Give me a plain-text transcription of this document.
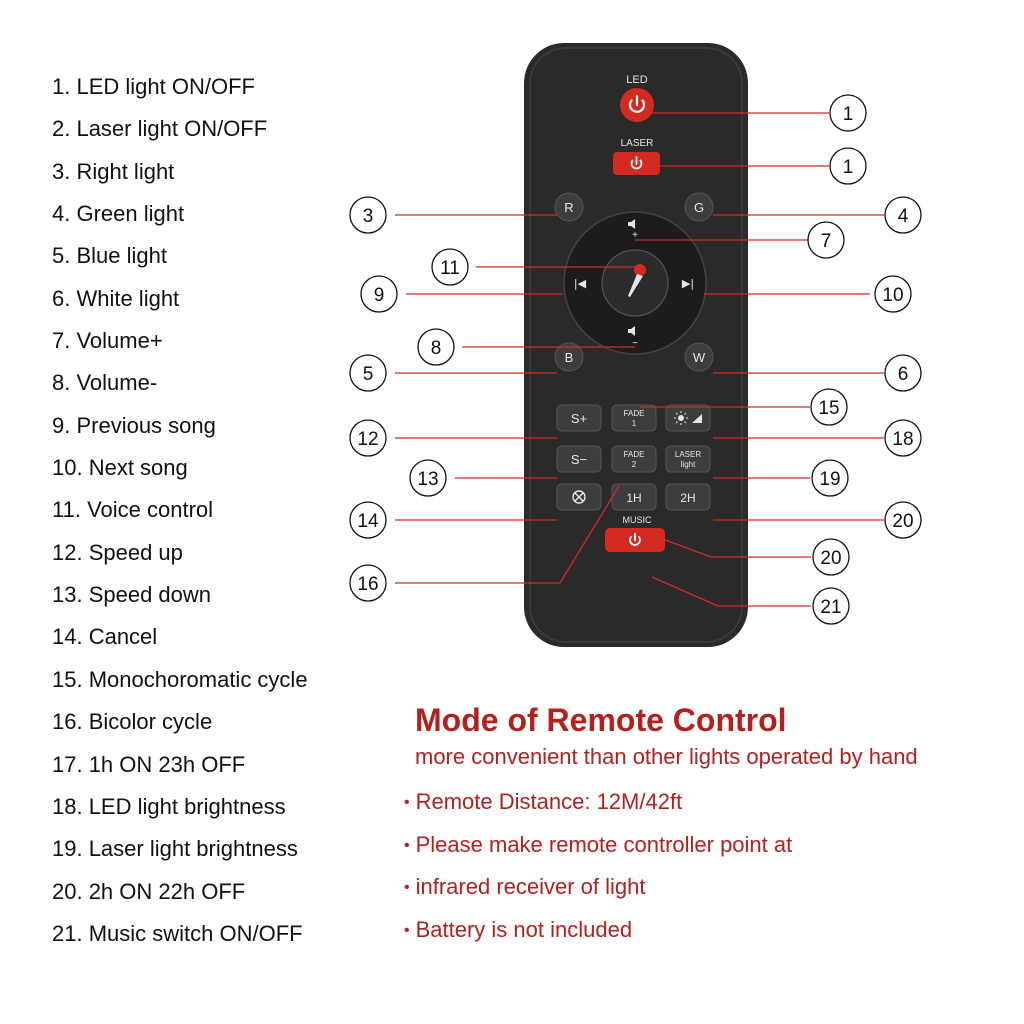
1. LED light ON/OFF
2. Laser light ON/OFF
3. Right light
4. Green light
5. Blue light
6. White light
7. Volume+
8. Volume-
9. Previous song
10. Next song
11. Voice control
12. Speed up
13. Speed down
14. Cancel
15. Monochoromatic cycle
16. Bicolor cycle
17. 1h ON 23h OFF
18. LED light brightness
19. Laser light brightness
20. 2h ON 22h OFF
21. Music switch ON/OFF
LED
LASER
R	G
+
−
|◀	▶|
B	W
S+	FADE
1
S−	FADE
2
LASER
light
1H	2H
MUSIC
1
1
3	4
7
11
9	10
8
5	6
15
12	18
13	19
14	20
20
16
21
Mode of Remote Control
more convenient than other lights operated by hand
• Remote Distance: 12M/42ft
• Please make remote controller point at
• infrared receiver of light
• Battery is not included
